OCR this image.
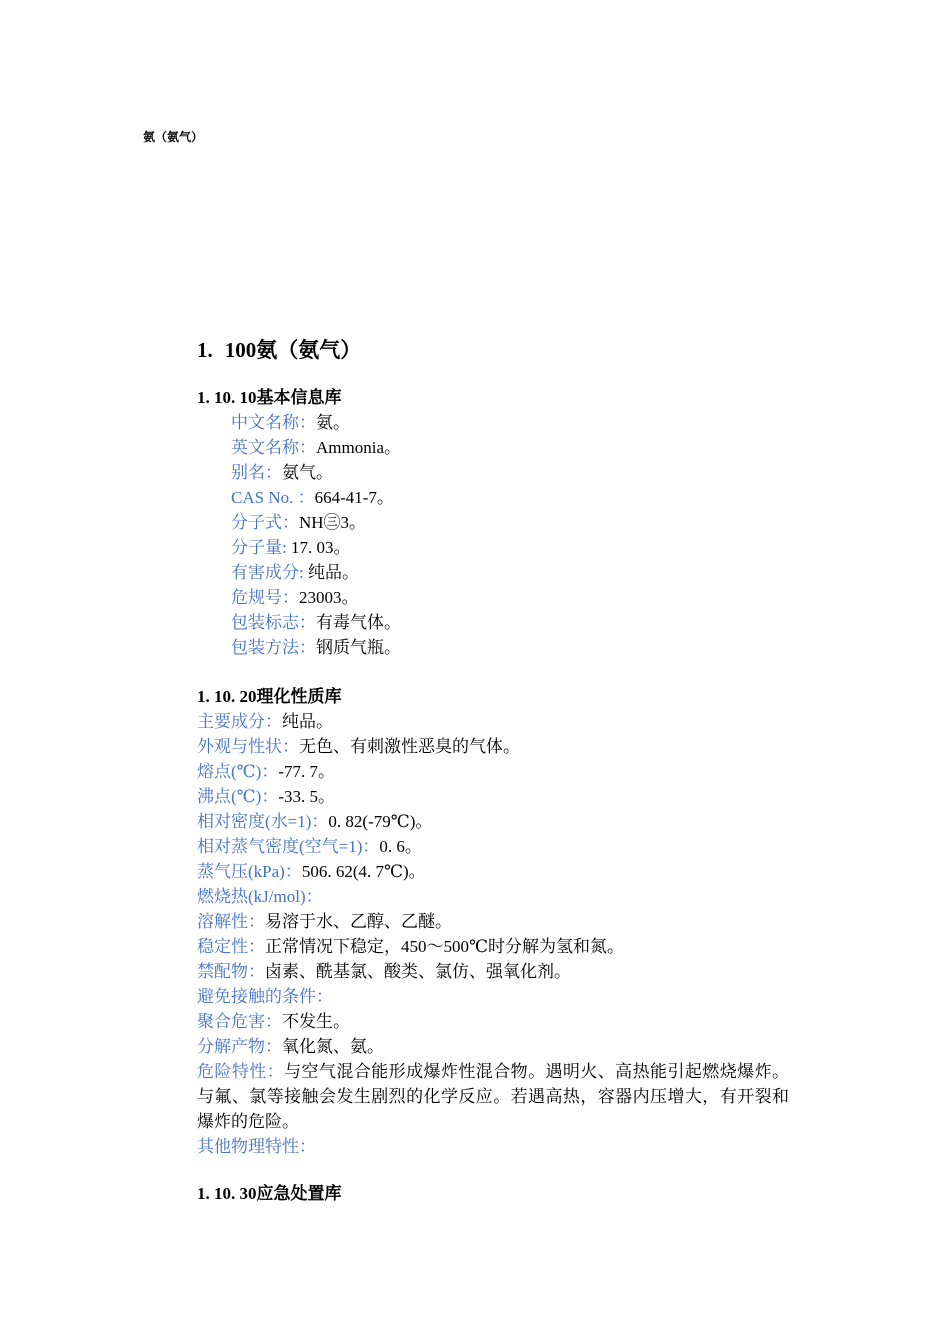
氨（氨气）
1. 100氨（氨气）
1. 10. 10基本信息库
中文名称：氨。
英文名称：Ammonia。
别名：氨气。
CAS No. ：664-41-7。
分子式：NH㊂3。
分子量: 17. 03。
有害成分: 纯品。
危规号：23003。
包装标志：有毒气体。
包装方法：钢质气瓶。
1. 10. 20理化性质库
主要成分：纯品。
外观与性状：无色、有刺激性恶臭的气体。
熔点(℃)：-77. 7。
沸点(℃)：-33. 5。
相对密度(水=1)：0. 82(-79℃)。
相对蒸气密度(空气=1)：0. 6。
蒸气压(kPa)：506. 62(4. 7℃)。
燃烧热(kJ/mol)：
溶解性：易溶于水、乙醇、乙醚。
稳定性：正常情况下稳定，450～500℃时分解为氢和氮。
禁配物：卤素、酰基氯、酸类、氯仿、强氧化剂。
避免接触的条件：
聚合危害：不发生。
分解产物：氧化氮、氨。
危险特性：与空气混合能形成爆炸性混合物。遇明火、高热能引起燃烧爆炸。与氟、氯等接触会发生剧烈的化学反应。若遇高热，容器内压增大，有开裂和爆炸的危险。
其他物理特性：
1. 10. 30应急处置库
